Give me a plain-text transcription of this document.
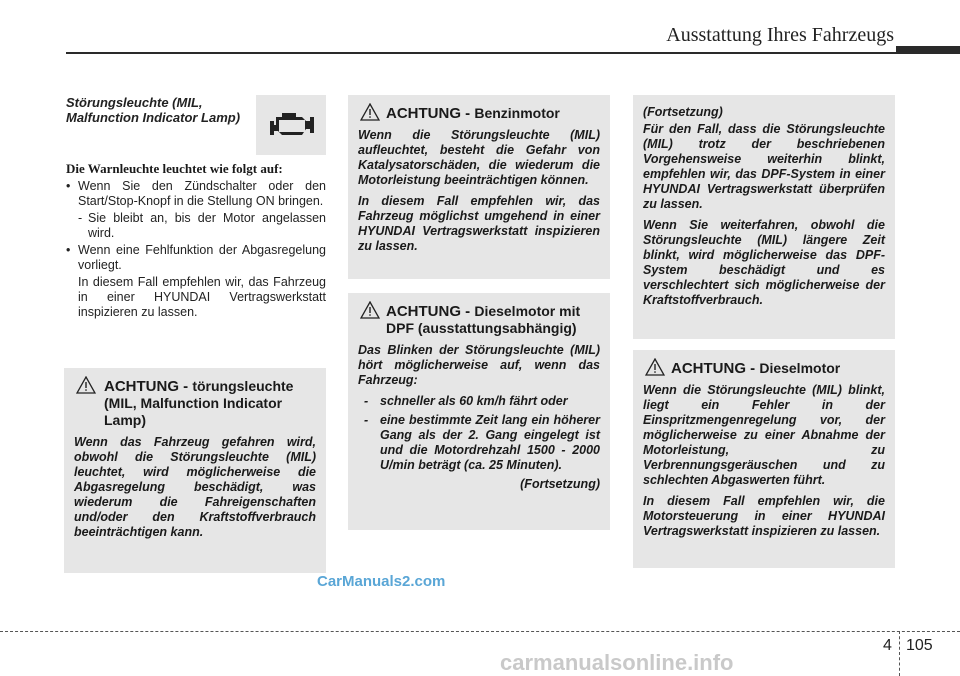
Ausstattung Ihres Fahrzeugs
Störungsleuchte (MIL, Malfunction Indicator Lamp)
Die Warnleuchte leuchtet wie folgt auf:
• Wenn Sie den Zündschalter oder den Start/Stop-Knopf in die Stellung ON bringen.
- Sie bleibt an, bis der Motor angelassen wird.
• Wenn eine Fehlfunktion der Abgasregelung vorliegt.
In diesem Fall empfehlen wir, das Fahrzeug in einer HYUNDAI Vertragswerkstatt inspizieren zu lassen.
ACHTUNG - törungsleuchte (MIL, Malfunction Indicator Lamp)

Wenn das Fahrzeug gefahren wird, obwohl die Störungsleuchte (MIL) leuchtet, wird möglicherweise die Abgasregelung beschädigt, was wiederum die Fahreigenschaften und/oder den Kraftstoffverbrauch beeinträchtigen kann.

ACHTUNG - Benzinmotor

Wenn die Störungsleuchte (MIL) aufleuchtet, besteht die Gefahr von Katalysatorschäden, die wiederum die Motorleistung beeinträchtigen können.

In diesem Fall empfehlen wir, das Fahrzeug möglichst umgehend in einer HYUNDAI Vertragswerkstatt inspizieren zu lassen.

ACHTUNG - Dieselmotor mit DPF (ausstattungsabhängig)

Das Blinken der Störungsleuchte (MIL) hört möglicherweise auf, wenn das Fahrzeug:

- schneller als 60 km/h fährt oder
- eine bestimmte Zeit lang ein höherer Gang als der 2. Gang eingelegt ist und die Motordrehzahl 1500 - 2000 U/min beträgt (ca. 25 Minuten).
(Fortsetzung)

(Fortsetzung)

Für den Fall, dass die Störungsleuchte (MIL) trotz der beschriebenen Vorgehensweise weiterhin blinkt, empfehlen wir, das DPF-System in einer HYUNDAI Vertragswerkstatt überprüfen zu lassen.

Wenn Sie weiterfahren, obwohl die Störungsleuchte (MIL) längere Zeit blinkt, wird möglicherweise das DPF-System beschädigt und es verschlechtert sich möglicherweise der Kraftstoffverbrauch.

ACHTUNG - Dieselmotor

Wenn die Störungsleuchte (MIL) blinkt, liegt ein Fehler in der Einspritzmengenregelung vor, der möglicherweise zu einer Abnahme der Motorleistung, zu Verbrennungsgeräuschen und zu schlechten Abgaswerten führt.

In diesem Fall empfehlen wir, die Motorsteuerung in einer HYUNDAI Vertragswerkstatt inspizieren zu lassen.

CarManuals2.com
4 105
carmanualsonline.info
